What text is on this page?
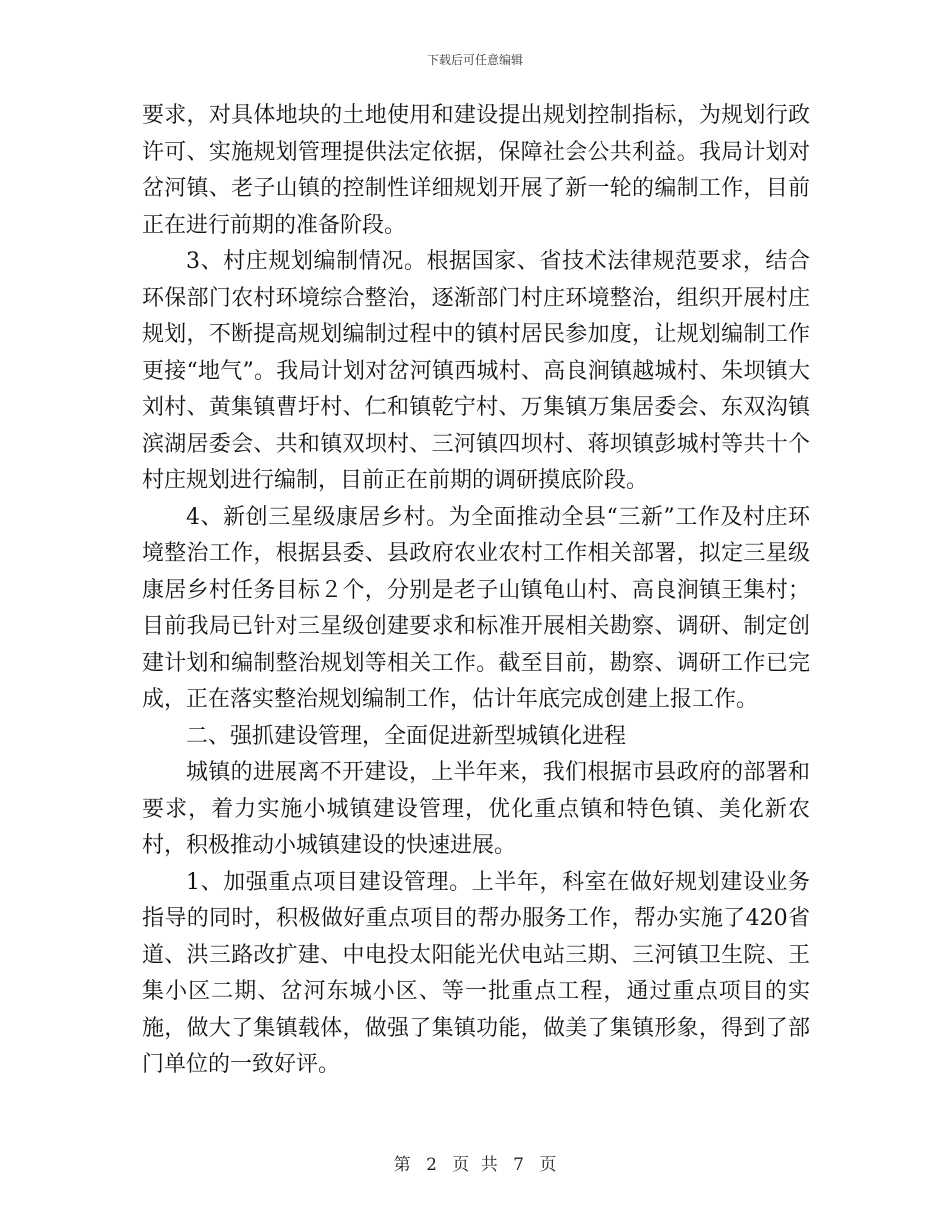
下载后可任意编辑

要求，对具体地块的土地使用和建设提出规划控制指标，为规划行政许可、实施规划管理提供法定依据，保障社会公共利益。我局计划对岔河镇、老子山镇的控制性详细规划开展了新一轮的编制工作，目前正在进行前期的准备阶段。

3、村庄规划编制情况。根据国家、省技术法律规范要求，结合环保部门农村环境综合整治，逐渐部门村庄环境整治，组织开展村庄规划，不断提高规划编制过程中的镇村居民参加度，让规划编制工作更接“地气”。我局计划对岔河镇西城村、高良涧镇越城村、朱坝镇大刘村、黄集镇曹圩村、仁和镇乾宁村、万集镇万集居委会、东双沟镇滨湖居委会、共和镇双坝村、三河镇四坝村、蒋坝镇彭城村等共十个村庄规划进行编制，目前正在前期的调研摸底阶段。

4、新创三星级康居乡村。为全面推动全县“三新”工作及村庄环境整治工作，根据县委、县政府农业农村工作相关部署，拟定三星级康居乡村任务目标２个，分别是老子山镇龟山村、高良涧镇王集村；目前我局已针对三星级创建要求和标准开展相关勘察、调研、制定创建计划和编制整治规划等相关工作。截至目前，勘察、调研工作已完成，正在落实整治规划编制工作，估计年底完成创建上报工作。

二、强抓建设管理，全面促进新型城镇化进程

城镇的进展离不开建设，上半年来，我们根据市县政府的部署和要求，着力实施小城镇建设管理，优化重点镇和特色镇、美化新农村，积极推动小城镇建设的快速进展。

1、加强重点项目建设管理。上半年，科室在做好规划建设业务指导的同时，积极做好重点项目的帮办服务工作，帮办实施了420省道、洪三路改扩建、中电投太阳能光伏电站三期、三河镇卫生院、王集小区二期、岔河东城小区、等一批重点工程，通过重点项目的实施，做大了集镇载体，做强了集镇功能，做美了集镇形象，得到了部门单位的一致好评。

第 2 页 共 7 页
